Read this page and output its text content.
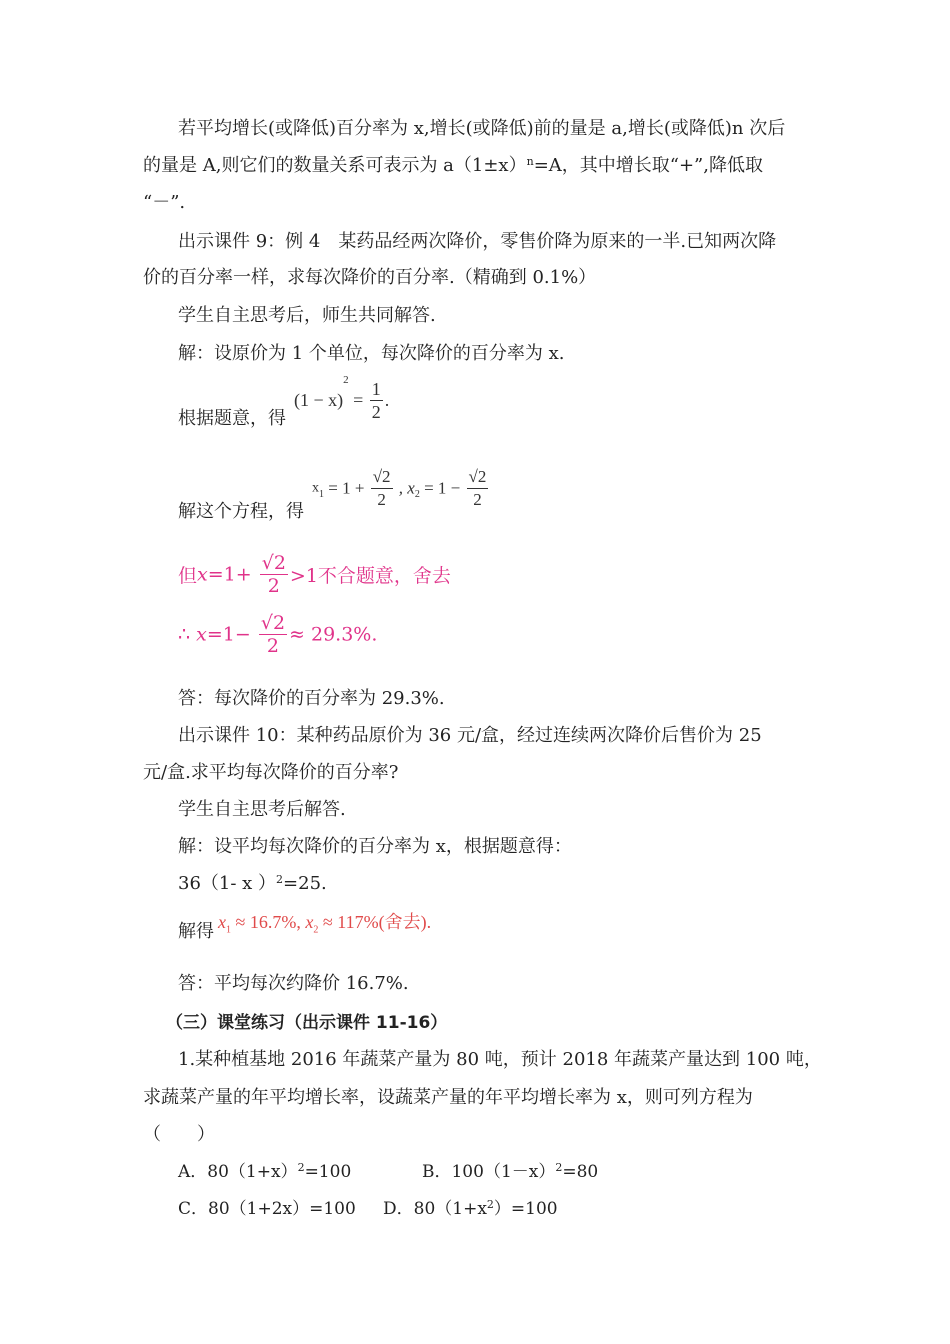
若平均增长(或降低)百分率为 x,增长(或降低)前的量是 a,增长(或降低)n 次后
的量是 A,则它们的数量关系可表示为 $a(1\pm x)^n=A$，其中增长取“+”,降低取
“－”.
出示课件 9：例 4　某药品经两次降价，零售价降为原来的一半.已知两次降
价的百分率一样，求每次降价的百分率.（精确到 0.1%）
学生自主思考后，师生共同解答.
解：设原价为 1 个单位，每次降价的百分率为 x.
根据题意，得
$(1 - x)^2 = \frac{1}{2}$ .
解这个方程，得
$x_1 = 1 + \frac{√2}{2}$ , $x_2 = 1 - \frac{√2}{2}$
但$x=1+ \frac{√2}{2} >1$不合题意，舍去
∴ $x=1- \frac{√2}{2} \approx 29.3\%$.
答：每次降价的百分率为 29.3%.
出示课件 10：某种药品原价为 36 元/盒，经过连续两次降价后售价为 25
元/盒.求平均每次降价的百分率?
学生自主思考后解答.
解：设平均每次降价的百分率为 x，根据题意得：
36（1- x ）$^2$=25.
解得 $x_1 \approx 16.7\%$, $x_2 \approx 117\%$(舍去).
答：平均每次约降价 16.7%.
（三）课堂练习（出示课件 11-16）
1.某种植基地 2016 年蔬菜产量为 80 吨，预计 2018 年蔬菜产量达到 100 吨，
求蔬菜产量的年平均增长率，设蔬菜产量的年平均增长率为 x，则可列方程为
（　　）
A．$80(1+x)^2=100$	B．$100(1-x)^2=80$
C．80（1+2x）=100 D．$80(1+x^2)=100$
